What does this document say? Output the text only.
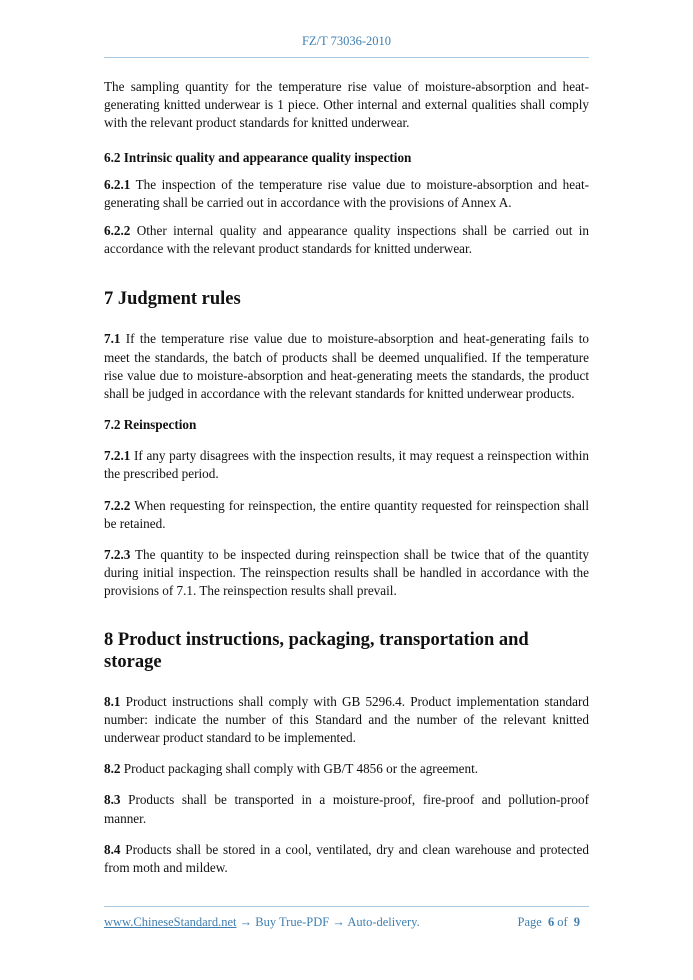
FZ/T 73036-2010

The sampling quantity for the temperature rise value of moisture-absorption and heat-generating knitted underwear is 1 piece. Other internal and external qualities shall comply with the relevant product standards for knitted underwear.

6.2 Intrinsic quality and appearance quality inspection

6.2.1 The inspection of the temperature rise value due to moisture-absorption and heat-generating shall be carried out in accordance with the provisions of Annex A.

6.2.2 Other internal quality and appearance quality inspections shall be carried out in accordance with the relevant product standards for knitted underwear.

7 Judgment rules

7.1 If the temperature rise value due to moisture-absorption and heat-generating fails to meet the standards, the batch of products shall be deemed unqualified. If the temperature rise value due to moisture-absorption and heat-generating meets the standards, the product shall be judged in accordance with the relevant standards for knitted underwear products.

7.2 Reinspection

7.2.1 If any party disagrees with the inspection results, it may request a reinspection within the prescribed period.

7.2.2 When requesting for reinspection, the entire quantity requested for reinspection shall be retained.

7.2.3 The quantity to be inspected during reinspection shall be twice that of the quantity during initial inspection. The reinspection results shall be handled in accordance with the provisions of 7.1. The reinspection results shall prevail.

8 Product instructions, packaging, transportation and storage

8.1 Product instructions shall comply with GB 5296.4. Product implementation standard number: indicate the number of this Standard and the number of the relevant knitted underwear product standard to be implemented.

8.2 Product packaging shall comply with GB/T 4856 or the agreement.

8.3 Products shall be transported in a moisture-proof, fire-proof and pollution-proof manner.

8.4 Products shall be stored in a cool, ventilated, dry and clean warehouse and protected from moth and mildew.

www.ChineseStandard.net → Buy True-PDF → Auto-delivery.	Page 6 of 9
